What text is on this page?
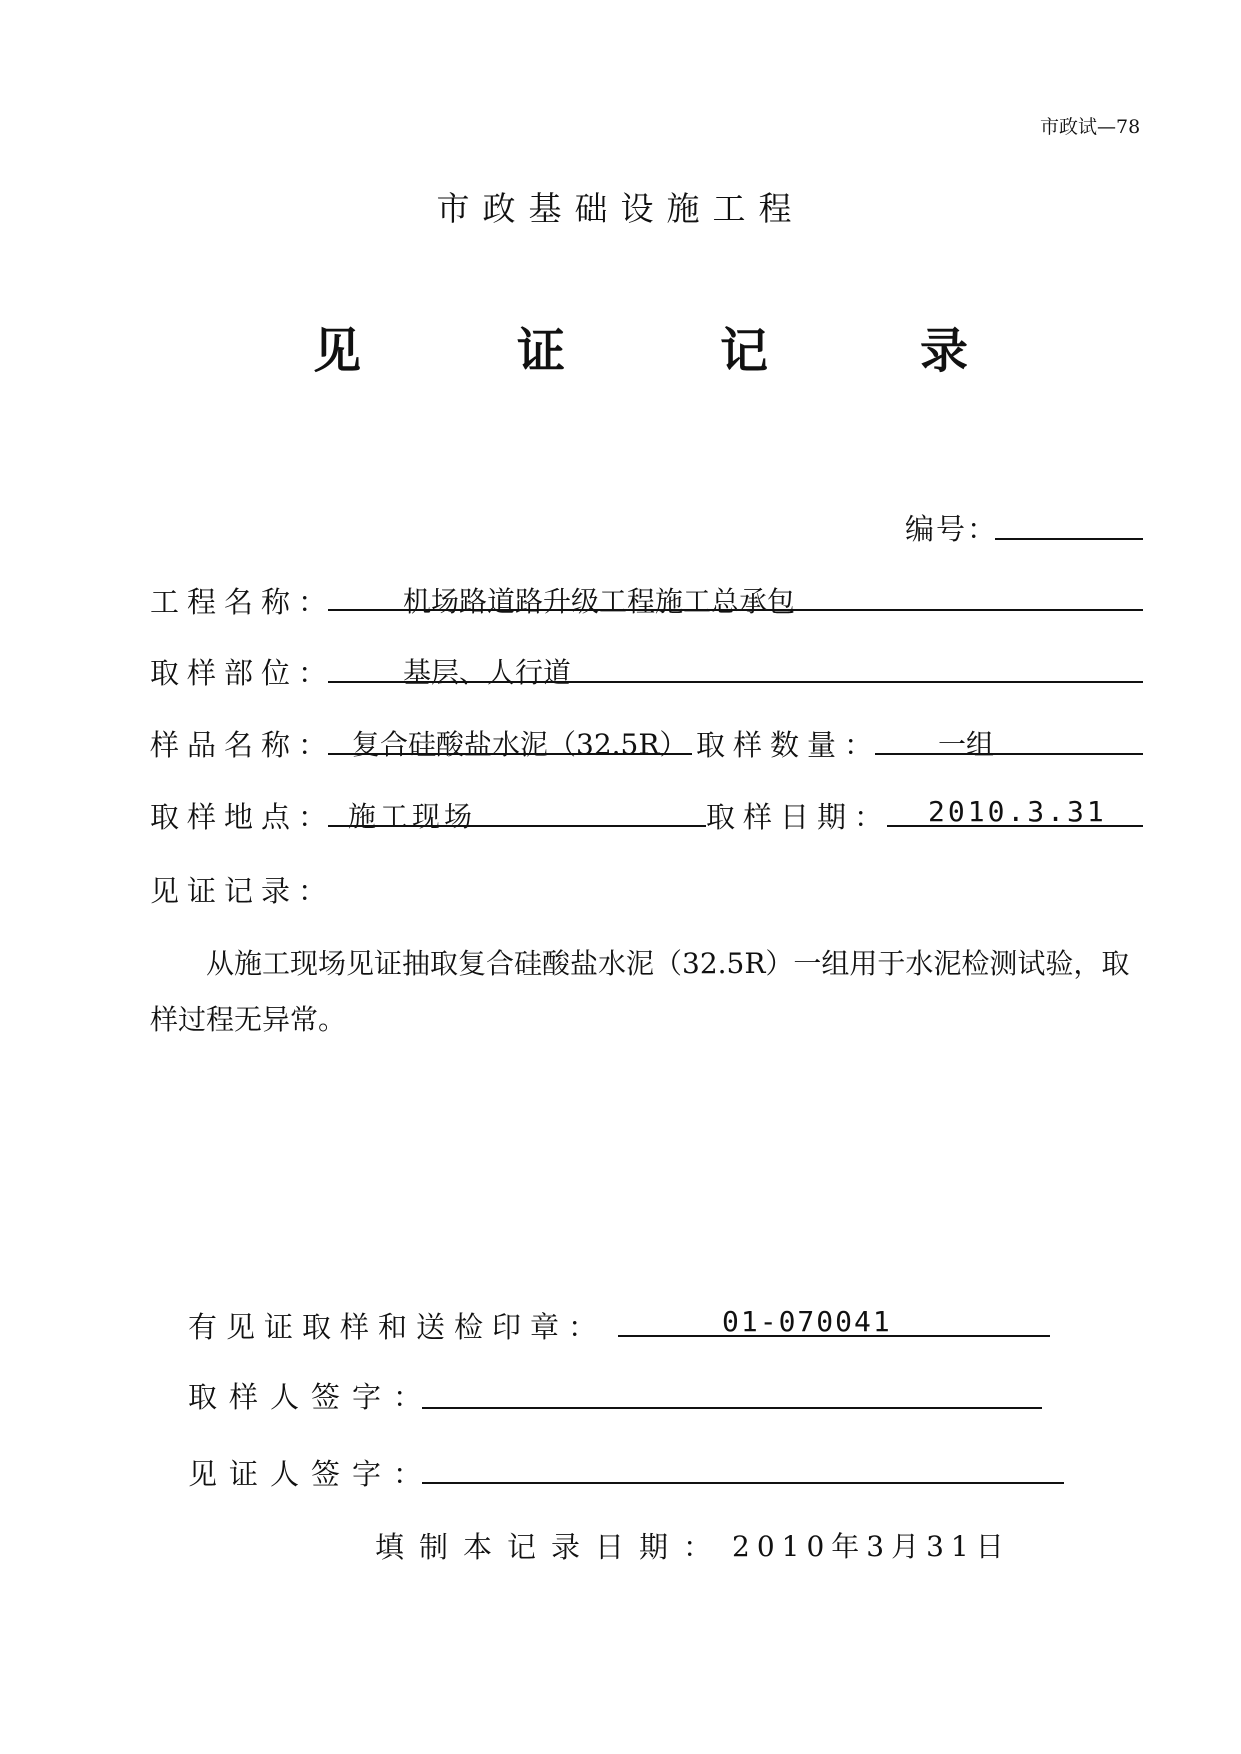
市政试—78
市政基础设施工程
见	证	记	录
编号：
工程名称： 机场路道路升级工程施工总承包
取样部位： 基层、人行道
样品名称： 复合硅酸盐水泥（32.5R） 取样数量： 一组
取样地点： 施工现场	取样日期： 2010.3.31
见证记录：
从施工现场见证抽取复合硅酸盐水泥（32.5R）一组用于水泥检测试验，取样过程无异常。
有见证取样和送检印章：	01-070041
取样人签字：
见证人签字：
填制本记录日期： 2010年3月31日
